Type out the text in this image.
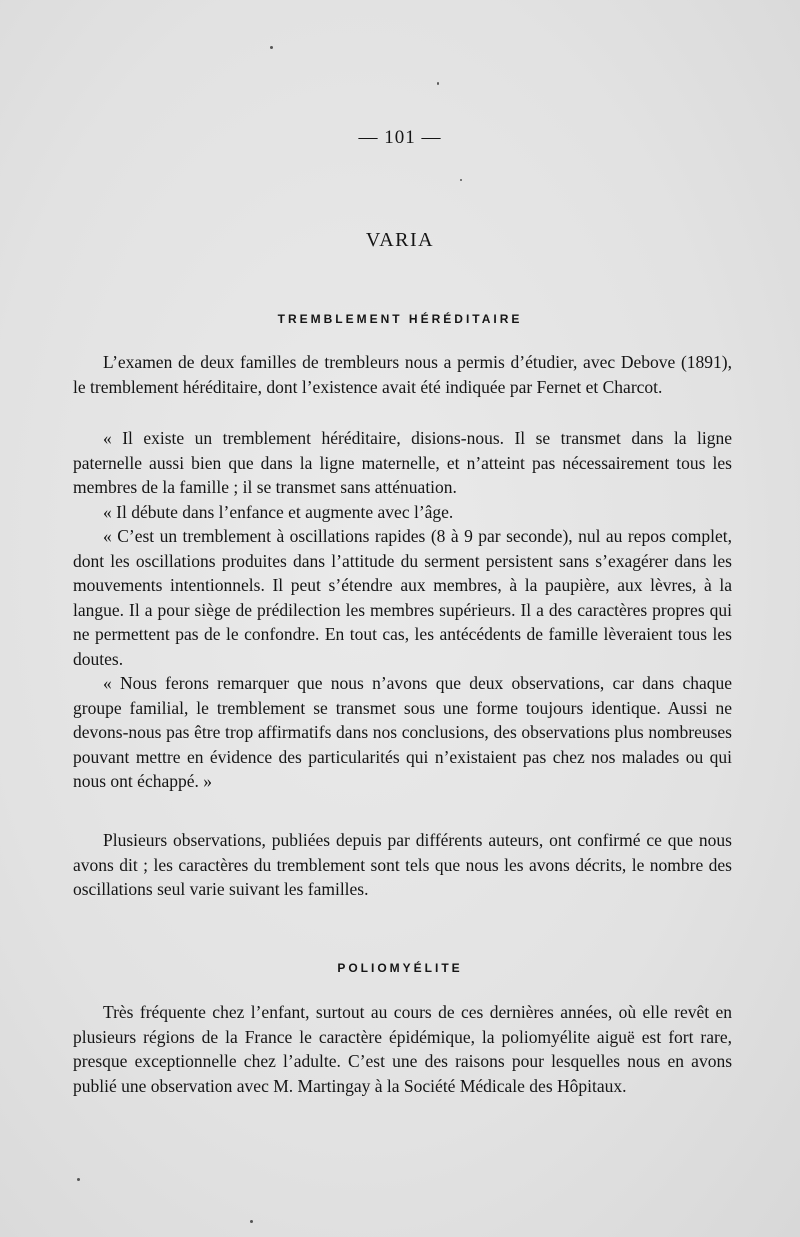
— 101 —
VARIA
TREMBLEMENT HÉRÉDITAIRE

L’examen de deux familles de trembleurs nous a permis d’étudier, avec Debove (1891), le tremblement héréditaire, dont l’existence avait été indiquée par Fernet et Charcot.

« Il existe un tremblement héréditaire, disions-nous. Il se transmet dans la ligne paternelle aussi bien que dans la ligne maternelle, et n’atteint pas nécessairement tous les membres de la famille ; il se transmet sans atténuation.

« Il débute dans l’enfance et augmente avec l’âge.

« C’est un tremblement à oscillations rapides (8 à 9 par seconde), nul au repos complet, dont les oscillations produites dans l’attitude du serment persistent sans s’exagérer dans les mouvements intentionnels. Il peut s’étendre aux membres, à la paupière, aux lèvres, à la langue. Il a pour siège de prédilection les membres supérieurs. Il a des caractères propres qui ne permettent pas de le confondre. En tout cas, les antécédents de famille lèveraient tous les doutes.

« Nous ferons remarquer que nous n’avons que deux observations, car dans chaque groupe familial, le tremblement se transmet sous une forme toujours identique. Aussi ne devons-nous pas être trop affirmatifs dans nos conclusions, des observations plus nombreuses pouvant mettre en évidence des particularités qui n’existaient pas chez nos malades ou qui nous ont échappé. »

Plusieurs observations, publiées depuis par différents auteurs, ont confirmé ce que nous avons dit ; les caractères du tremblement sont tels que nous les avons décrits, le nombre des oscillations seul varie suivant les familles.

POLIOMYÉLITE

Très fréquente chez l’enfant, surtout au cours de ces dernières années, où elle revêt en plusieurs régions de la France le caractère épidémique, la poliomyélite aiguë est fort rare, presque exceptionnelle chez l’adulte. C’est une des raisons pour lesquelles nous en avons publié une observation avec M. Martingay à la Société Médicale des Hôpitaux.
